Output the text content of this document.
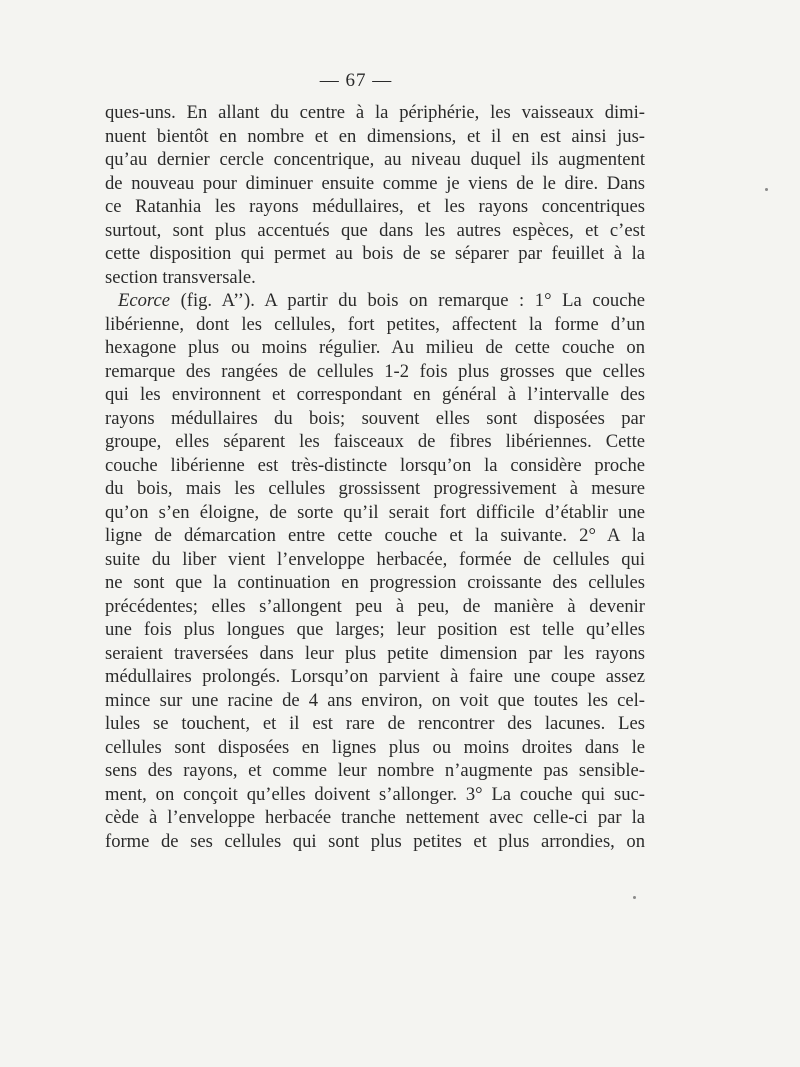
— 67 —
ques-uns. En allant du centre à la périphérie, les vaisseaux dimi-
nuent bientôt en nombre et en dimensions, et il en est ainsi jus-
qu’au dernier cercle concentrique, au niveau duquel ils augmentent
de nouveau pour diminuer ensuite comme je viens de le dire. Dans
ce Ratanhia les rayons médullaires, et les rayons concentriques
surtout, sont plus accentués que dans les autres espèces, et c’est
cette disposition qui permet au bois de se séparer par feuillet à la
section transversale.
Ecorce (fig. A’’). A partir du bois on remarque : 1° La couche
libérienne, dont les cellules, fort petites, affectent la forme d’un
hexagone plus ou moins régulier. Au milieu de cette couche on
remarque des rangées de cellules 1-2 fois plus grosses que celles
qui les environnent et correspondant en général à l’intervalle des
rayons médullaires du bois; souvent elles sont disposées par
groupe, elles séparent les faisceaux de fibres libériennes. Cette
couche libérienne est très-distincte lorsqu’on la considère proche
du bois, mais les cellules grossissent progressivement à mesure
qu’on s’en éloigne, de sorte qu’il serait fort difficile d’établir une
ligne de démarcation entre cette couche et la suivante. 2° A la
suite du liber vient l’enveloppe herbacée, formée de cellules qui
ne sont que la continuation en progression croissante des cellules
précédentes; elles s’allongent peu à peu, de manière à devenir
une fois plus longues que larges; leur position est telle qu’elles
seraient traversées dans leur plus petite dimension par les rayons
médullaires prolongés. Lorsqu’on parvient à faire une coupe assez
mince sur une racine de 4 ans environ, on voit que toutes les cel-
lules se touchent, et il est rare de rencontrer des lacunes. Les
cellules sont disposées en lignes plus ou moins droites dans le
sens des rayons, et comme leur nombre n’augmente pas sensible-
ment, on conçoit qu’elles doivent s’allonger. 3° La couche qui suc-
cède à l’enveloppe herbacée tranche nettement avec celle-ci par la
forme de ses cellules qui sont plus petites et plus arrondies, on
